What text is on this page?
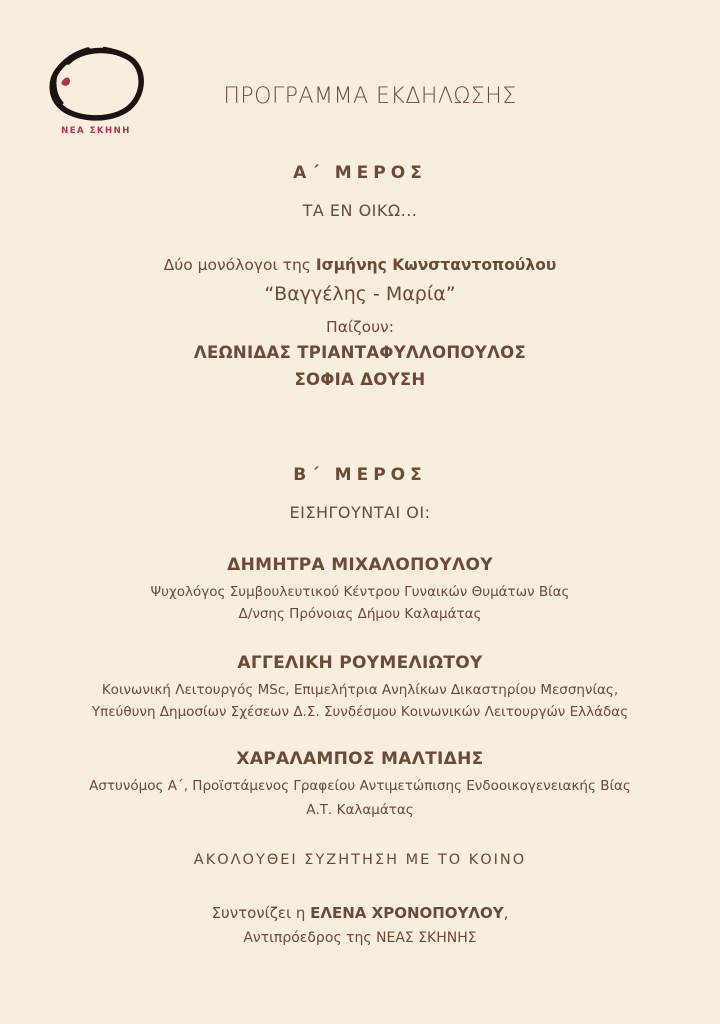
ΝΕΑ ΣΚΗΝΗ
ΠΡΟΓΡΑΜΜΑ ΕΚΔΗΛΩΣΗΣ
Α΄ ΜΕΡΟΣ
ΤΑ ΕΝ ΟΙΚΩ...
Δύο μονόλογοι της Ισμήνης Κωνσταντοπούλου
“Βαγγέλης - Μαρία”
Παίζουν:
ΛΕΩΝΙΔΑΣ ΤΡΙΑΝΤΑΦΥΛΛΟΠΟΥΛΟΣ
ΣΟΦΙΑ ΔΟΥΣΗ
Β΄ ΜΕΡΟΣ
ΕΙΣΗΓΟΥΝΤΑΙ ΟΙ:
ΔΗΜΗΤΡΑ ΜΙΧΑΛΟΠΟΥΛΟΥ
Ψυχολόγος Συμβουλευτικού Κέντρου Γυναικών Θυμάτων Βίας
Δ/νσης Πρόνοιας Δήμου Καλαμάτας
ΑΓΓΕΛΙΚΗ ΡΟΥΜΕΛΙΩΤΟΥ
Κοινωνική Λειτουργός MSc, Επιμελήτρια Ανηλίκων Δικαστηρίου Μεσσηνίας,
Υπεύθυνη Δημοσίων Σχέσεων Δ.Σ. Συνδέσμου Κοινωνικών Λειτουργών Ελλάδας
ΧΑΡΑΛΑΜΠΟΣ ΜΑΛΤΙΔΗΣ
Αστυνόμος Α΄, Προϊστάμενος Γραφείου Αντιμετώπισης Ενδοοικογενειακής Βίας
Α.Τ. Καλαμάτας
ΑΚΟΛΟΥΘΕΙ ΣΥΖΗΤΗΣΗ ΜΕ ΤΟ ΚΟΙΝΟ
Συντονίζει η ΕΛΕΝΑ ΧΡΟΝΟΠΟΥΛΟΥ,
Αντιπρόεδρος της ΝΕΑΣ ΣΚΗΝΗΣ
